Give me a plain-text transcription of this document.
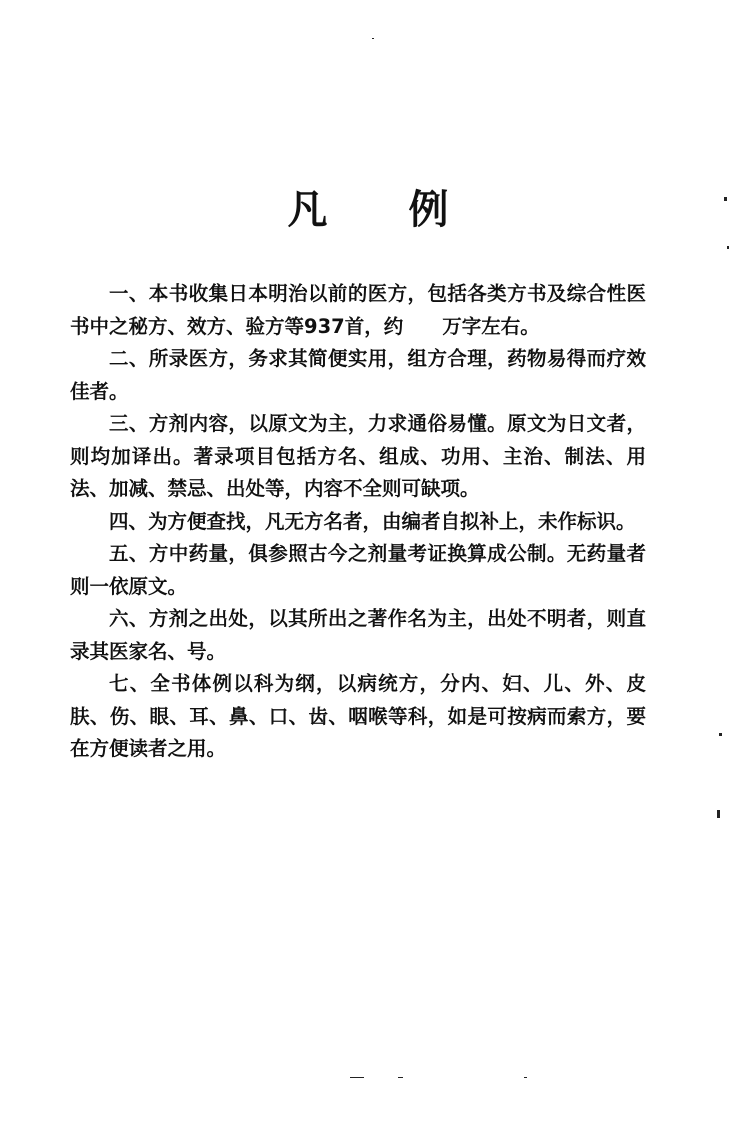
凡 例

一、本书收集日本明治以前的医方，包括各类方书及综合性医书中之秘方、效方、验方等937首，约　　万字左右。

二、所录医方，务求其简便实用，组方合理，药物易得而疗效佳者。

三、方剂内容，以原文为主，力求通俗易懂。原文为日文者，则均加译出。著录项目包括方名、组成、功用、主治、制法、用法、加减、禁忌、出处等，内容不全则可缺项。

四、为方便查找，凡无方名者，由编者自拟补上，未作标识。

五、方中药量，俱参照古今之剂量考证换算成公制。无药量者则一依原文。

六、方剂之出处，以其所出之著作名为主，出处不明者，则直录其医家名、号。

七、全书体例以科为纲，以病统方，分内、妇、儿、外、皮肤、伤、眼、耳、鼻、口、齿、咽喉等科，如是可按病而索方，要在方便读者之用。
